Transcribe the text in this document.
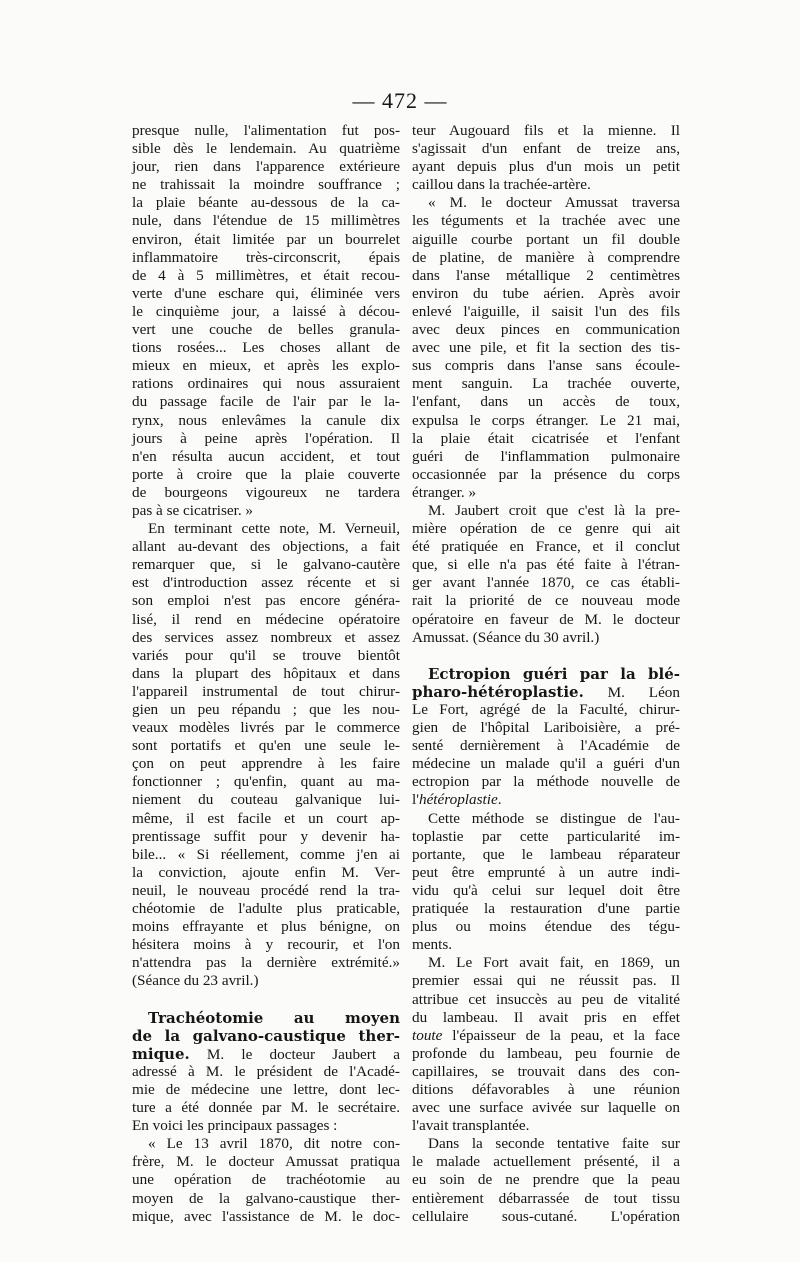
— 472 —
presque nulle, l'alimentation fut pos-
sible dès le lendemain. Au quatrième
jour, rien dans l'apparence extérieure
ne trahissait la moindre souffrance ;
la plaie béante au-dessous de la ca-
nule, dans l'étendue de 15 millimètres
environ, était limitée par un bourrelet
inflammatoire très-circonscrit, épais
de 4 à 5 millimètres, et était recou-
verte d'une eschare qui, éliminée vers
le cinquième jour, a laissé à décou-
vert une couche de belles granula-
tions rosées... Les choses allant de
mieux en mieux, et après les explo-
rations ordinaires qui nous assuraient
du passage facile de l'air par le la-
rynx, nous enlevâmes la canule dix
jours à peine après l'opération. Il
n'en résulta aucun accident, et tout
porte à croire que la plaie couverte
de bourgeons vigoureux ne tardera
pas à se cicatriser. »
En terminant cette note, M. Verneuil,
allant au-devant des objections, a fait
remarquer que, si le galvano-cautère
est d'introduction assez récente et si
son emploi n'est pas encore généra-
lisé, il rend en médecine opératoire
des services assez nombreux et assez
variés pour qu'il se trouve bientôt
dans la plupart des hôpitaux et dans
l'appareil instrumental de tout chirur-
gien un peu répandu ; que les nou-
veaux modèles livrés par le commerce
sont portatifs et qu'en une seule le-
çon on peut apprendre à les faire
fonctionner ; qu'enfin, quant au ma-
niement du couteau galvanique lui-
même, il est facile et un court ap-
prentissage suffit pour y devenir ha-
bile... « Si réellement, comme j'en ai
la conviction, ajoute enfin M. Ver-
neuil, le nouveau procédé rend la tra-
chéotomie de l'adulte plus praticable,
moins effrayante et plus bénigne, on
hésitera moins à y recourir, et l'on
n'attendra pas la dernière extrémité.»
(Séance du 23 avril.)

Trachéotomie au moyen
de la galvano-caustique ther-
mique. M. le docteur Jaubert a
adressé à M. le président de l'Acadé-
mie de médecine une lettre, dont lec-
ture a été donnée par M. le secrétaire.
En voici les principaux passages :
« Le 13 avril 1870, dit notre con-
frère, M. le docteur Amussat pratiqua
une opération de trachéotomie au
moyen de la galvano-caustique ther-
mique, avec l'assistance de M. le doc-
teur Augouard fils et la mienne. Il
s'agissait d'un enfant de treize ans,
ayant depuis plus d'un mois un petit
caillou dans la trachée-artère.
« M. le docteur Amussat traversa
les téguments et la trachée avec une
aiguille courbe portant un fil double
de platine, de manière à comprendre
dans l'anse métallique 2 centimètres
environ du tube aérien. Après avoir
enlevé l'aiguille, il saisit l'un des fils
avec deux pinces en communication
avec une pile, et fit la section des tis-
sus compris dans l'anse sans écoule-
ment sanguin. La trachée ouverte,
l'enfant, dans un accès de toux,
expulsa le corps étranger. Le 21 mai,
la plaie était cicatrisée et l'enfant
guéri de l'inflammation pulmonaire
occasionnée par la présence du corps
étranger. »
M. Jaubert croit que c'est là la pre-
mière opération de ce genre qui ait
été pratiquée en France, et il conclut
que, si elle n'a pas été faite à l'étran-
ger avant l'année 1870, ce cas établi-
rait la priorité de ce nouveau mode
opératoire en faveur de M. le docteur
Amussat. (Séance du 30 avril.)

Ectropion guéri par la blé-
pharo-hétéroplastie. M. Léon
Le Fort, agrégé de la Faculté, chirur-
gien de l'hôpital Lariboisière, a pré-
senté dernièrement à l'Académie de
médecine un malade qu'il a guéri d'un
ectropion par la méthode nouvelle de
l'hétéroplastie.
Cette méthode se distingue de l'au-
toplastie par cette particularité im-
portante, que le lambeau réparateur
peut être emprunté à un autre indi-
vidu qu'à celui sur lequel doit être
pratiquée la restauration d'une partie
plus ou moins étendue des tégu-
ments.
M. Le Fort avait fait, en 1869, un
premier essai qui ne réussit pas. Il
attribue cet insuccès au peu de vitalité
du lambeau. Il avait pris en effet
toute l'épaisseur de la peau, et la face
profonde du lambeau, peu fournie de
capillaires, se trouvait dans des con-
ditions défavorables à une réunion
avec une surface avivée sur laquelle on
l'avait transplantée.
Dans la seconde tentative faite sur
le malade actuellement présenté, il a
eu soin de ne prendre que la peau
entièrement débarrassée de tout tissu
cellulaire sous-cutané. L'opération
